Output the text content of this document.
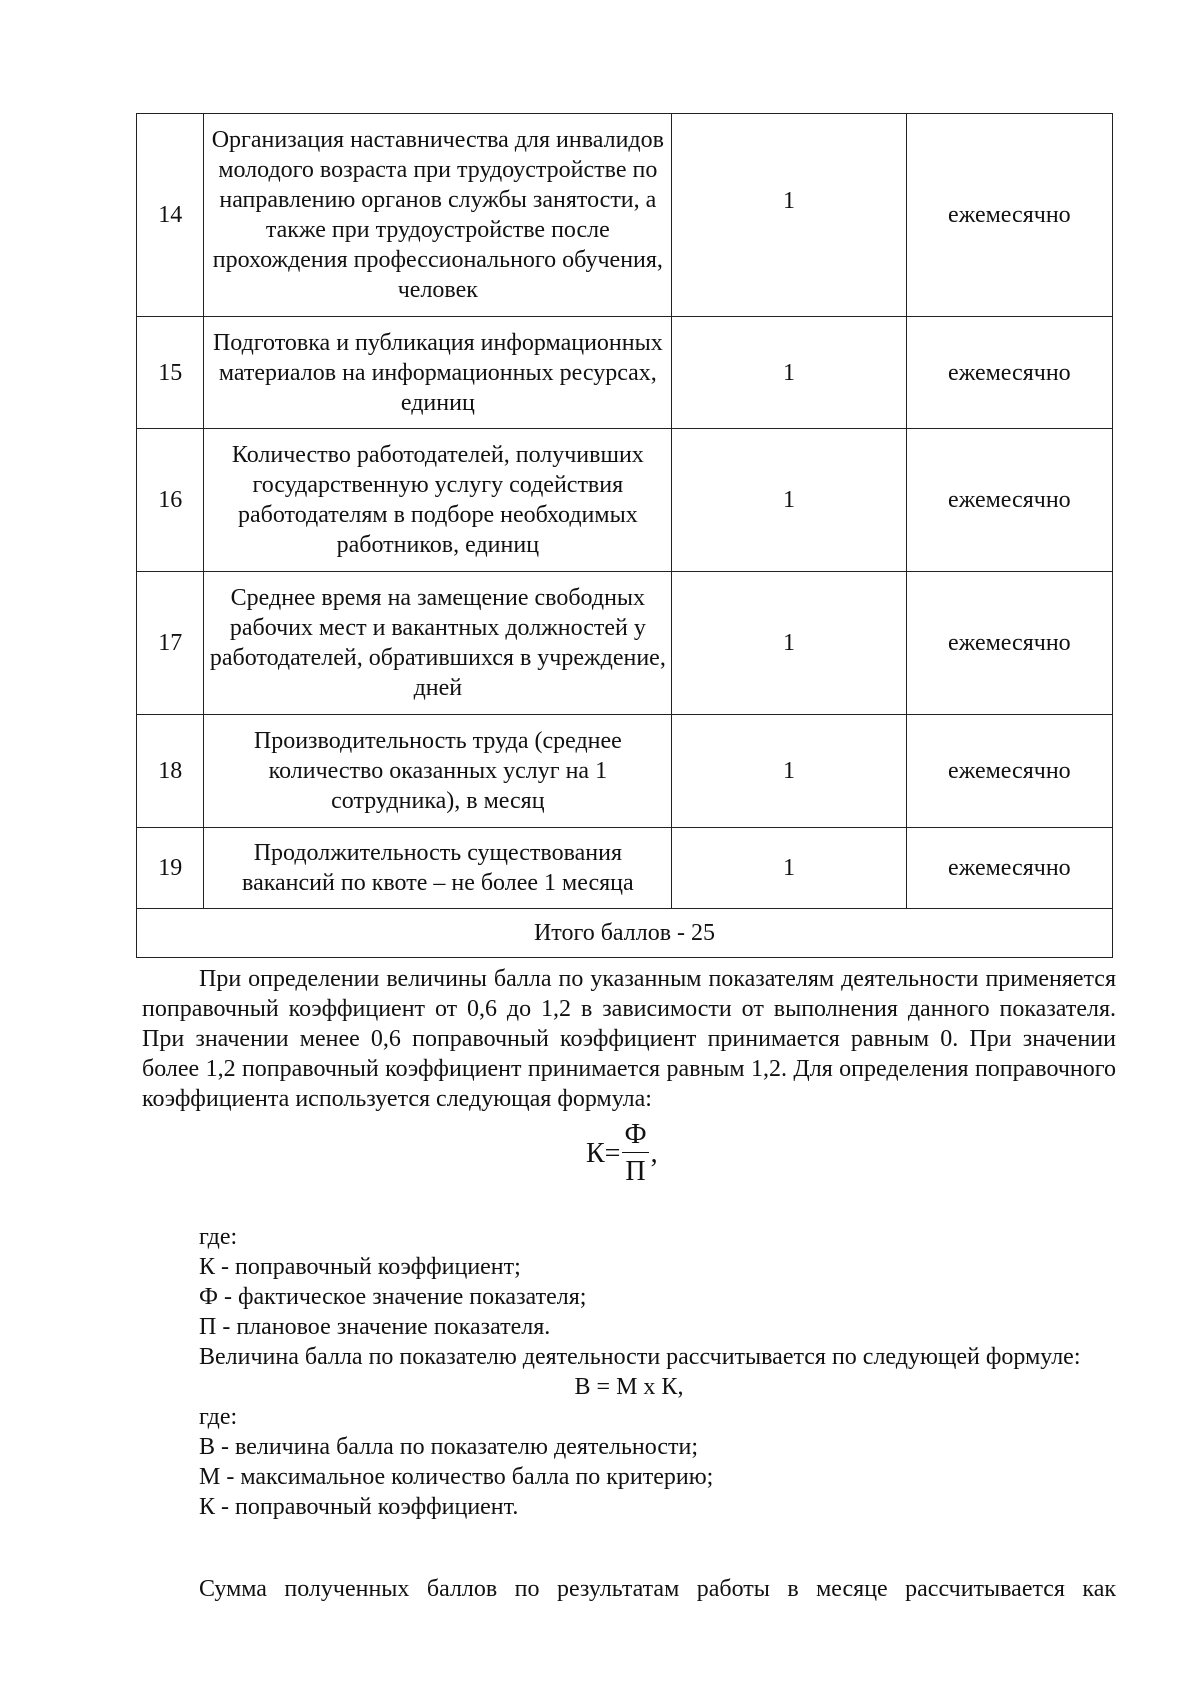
14	Организация наставничества для инвалидов молодого возраста при трудоустройстве по направлению органов службы занятости, а также при трудоустройстве после прохождения профессионального обучения, человек	1	ежемесячно
15	Подготовка и публикация информационных материалов на информационных ресурсах, единиц	1	ежемесячно
16	Количество работодателей, получивших государственную услугу содействия работодателям в подборе необходимых работников, единиц	1	ежемесячно
17	Среднее время на замещение свободных рабочих мест и вакантных должностей у работодателей, обратившихся в учреждение, дней	1	ежемесячно
18	Производительность труда (среднее количество оказанных услуг на 1 сотрудника), в месяц	1	ежемесячно
19	Продолжительность существования вакансий по квоте – не более 1 месяца	1	ежемесячно
Итого баллов - 25			

При определении величины балла по указанным показателям деятельности применяется поправочный коэффициент от 0,6 до 1,2 в зависимости от выполнения данного показателя. При значении менее 0,6 поправочный коэффициент принимается равным 0. При значении более 1,2 поправочный коэффициент принимается равным 1,2. Для определения поправочного коэффициента используется следующая формула:

$К= \frac{Ф}{П}$ ,

где:

К - поправочный коэффициент;

Ф - фактическое значение показателя;

П - плановое значение показателя.

Величина балла по показателю деятельности рассчитывается по следующей формуле:

В = М х К,

где:

В - величина балла по показателю деятельности;

М - максимальное количество балла по критерию;

К - поправочный коэффициент.

Сумма полученных баллов по результатам работы в месяце рассчитывается как
